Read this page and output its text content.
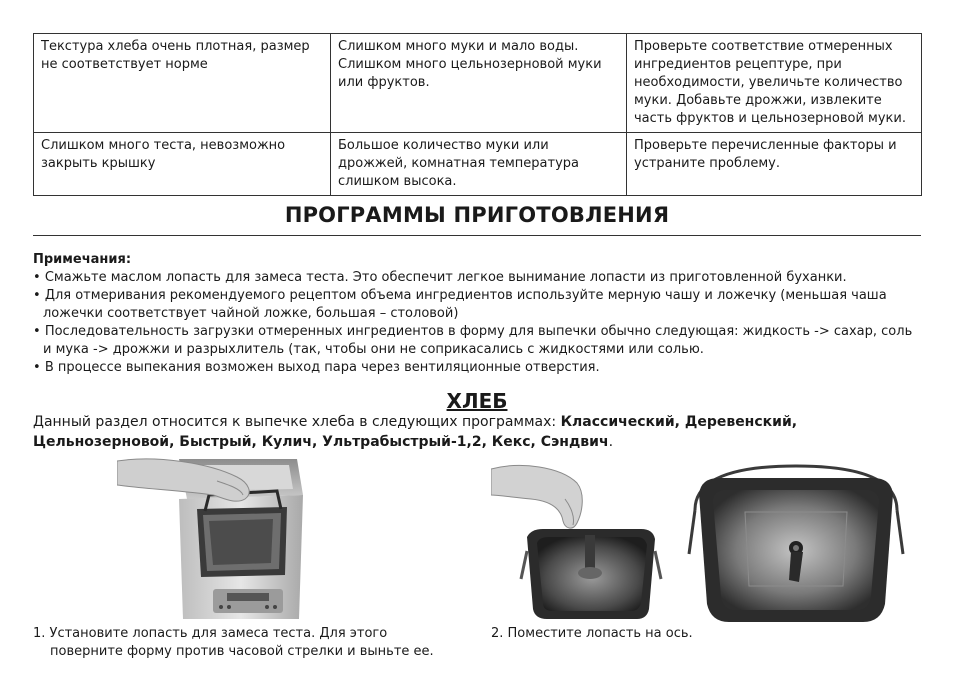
Текстура хлеба очень плотная, размер не соответствует норме	Слишком много муки и мало воды. Слишком много цельнозерновой муки или фруктов.	Проверьте соответствие отмеренных ингредиентов рецептуре, при необходимости, увеличьте количество муки. Добавьте дрожжи, извлеките часть фруктов и цельнозерновой муки.
Слишком много теста, невозможно закрыть крышку	Большое количество муки или дрожжей, комнатная температура слишком высока.	Проверьте перечисленные факторы и устраните проблему.
ПРОГРАММЫ ПРИГОТОВЛЕНИЯ
Примечания:
• Смажьте маслом лопасть для замеса теста. Это обеспечит легкое вынимание лопасти из приготовленной буханки.
• Для отмеривания рекомендуемого рецептом объема ингредиентов используйте мерную чашу и ложечку (меньшая чаша ложечки соответствует чайной ложке, большая – столовой)
• Последовательность загрузки отмеренных ингредиентов в форму для выпечки обычно следующая: жидкость -> сахар, соль и мука -> дрожжи и разрыхлитель (так, чтобы они не соприкасались с жидкостями или солью.
• В процессе выпекания возможен выход пара через вентиляционные отверстия.
ХЛЕБ
Данный раздел относится к выпечке хлеба в следующих программах: Классический, Деревенский, Цельнозерновой, Быстрый, Кулич, Ультрабыстрый-1,2, Кекс, Сэндвич.
1. Установите лопасть для замеса теста. Для этого
поверните форму против часовой стрелки и выньте ее.
2. Поместите лопасть на ось.
